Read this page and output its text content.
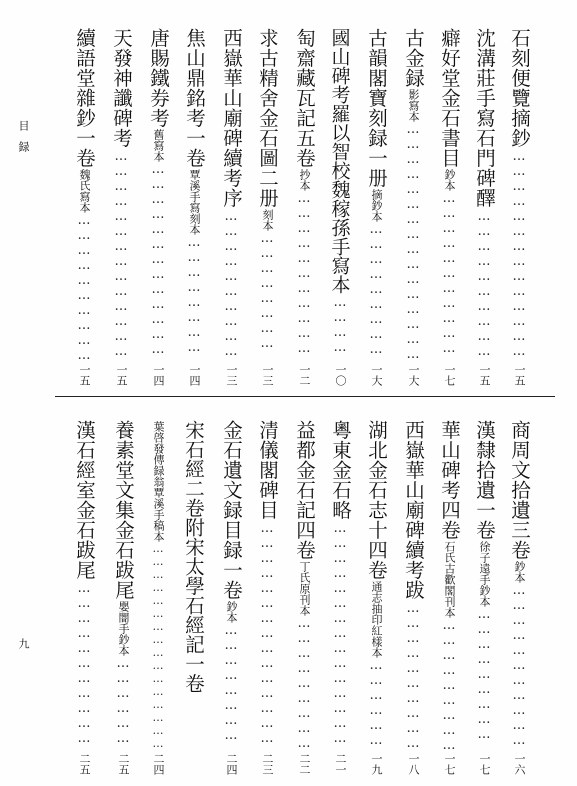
目録
九
石刻便覽摘鈔
………………………………………………………………………………
一五
沈溝莊手寫石門碑醳
………………………………………………………………………………
一五
癖好堂金石書目
鈔本
………………………………………………………………………………
一七
古金録
影寫本
………………………………………………………………………………
一大
古韻閣寶刻録一册
摘鈔本
………………………………………………………………………………
一大
國山碑考羅以智校魏稼孫手寫本
………………………………………………………………………………
一〇
匋齋藏瓦記五卷
抄本
………………………………………………………………………………
一二
求古精舍金石圖二册
刻本
………………………………………………………………………………
一三
西嶽華山廟碑續考序
………………………………………………………………………………
一三
焦山鼎銘考一卷
覃溪手寫刻本
………………………………………………………………………………
一四
唐賜鐵券考
舊寫本
………………………………………………………………………………
一四
天發神讖碑考
………………………………………………………………………………
一五
續語堂雜鈔一卷
魏氏寫本
………………………………………………………………………………
一五
商周文拾遺三卷
鈔本
………………………………………………………………………………
一六
漢隸拾遺一卷
徐子遠手鈔本
………………………………………………………………………………
一七
華山碑考四卷
石氏古歡閣刊本
………………………………………………………………………………
一七
西嶽華山廟碑續考跋
………………………………………………………………………………
一八
湖北金石志十四卷
通志抽印紅樣本
………………………………………………………………………………
一九
粵東金石略
………………………………………………………………………………
二一
益都金石記四卷
丁氏原刊本
………………………………………………………………………………
二二
清儀閣碑目
………………………………………………………………………………
二三
金石遺文録目録一卷
鈔本
………………………………………………………………………………
二四
宋石經二卷附宋太學石經記一卷
葉啓發傳録翁覃溪手稿本
………………………………………………………………………………
二四
養素堂文集金石跋尾
嬰闇手鈔本
………………………………………………………………………………
二五
漢石經室金石跋尾
………………………………………………………………………………
二五
